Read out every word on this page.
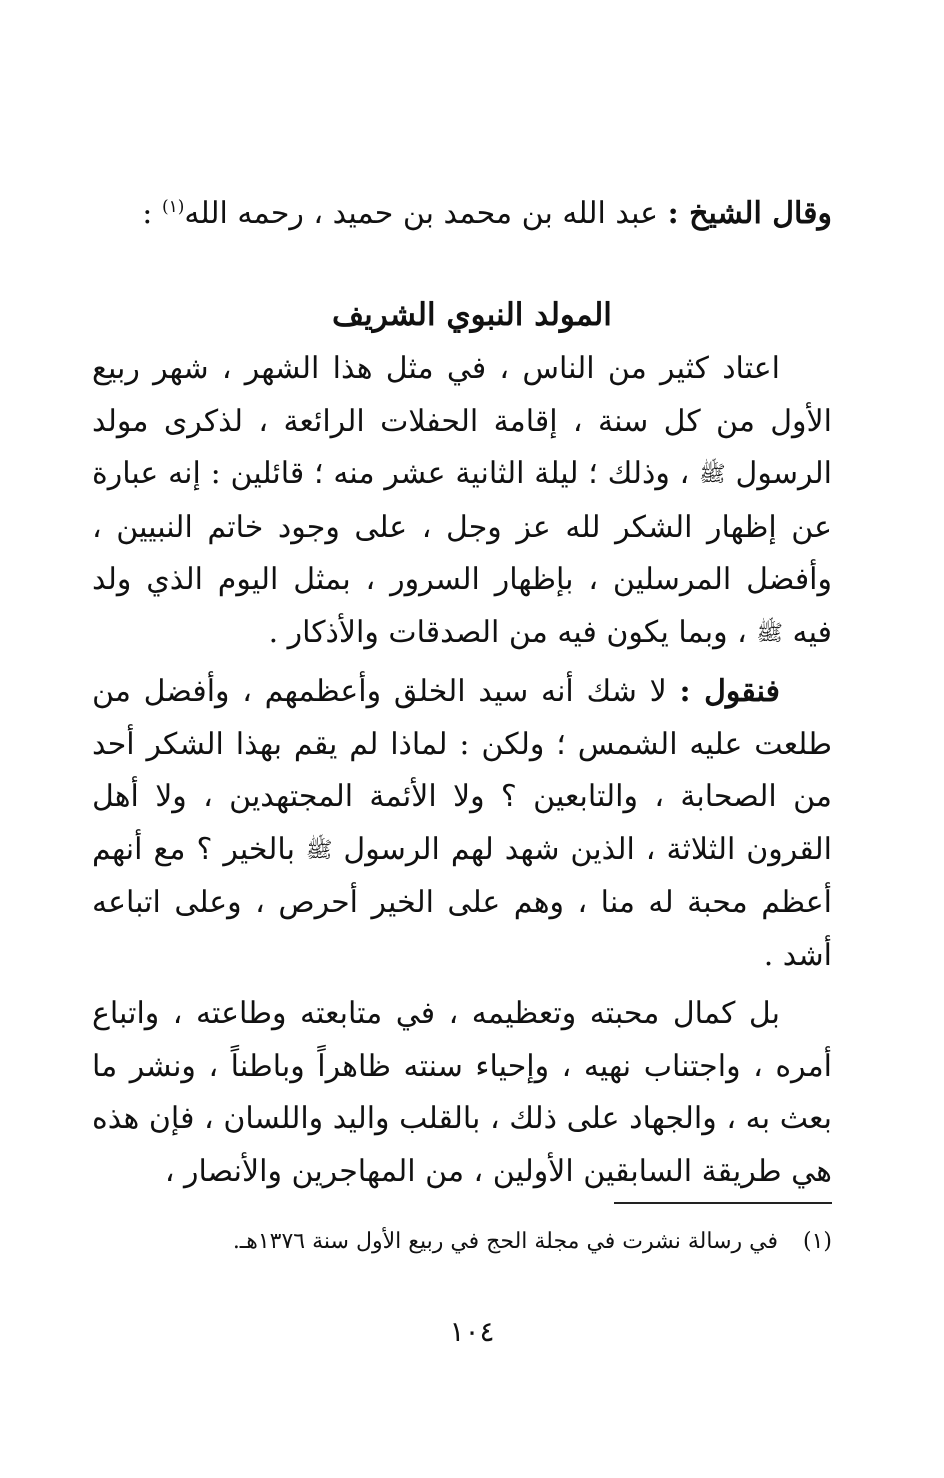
وقال الشيخ : عبد الله بن محمد بن حميد ، رحمه الله$^{(١)}$ :
المولد النبوي الشريف

اعتاد كثير من الناس ، في مثل هذا الشهر ، شهر ربيع الأول من كل سنة ، إقامة الحفلات الرائعة ، لذكرى مولد الرسول ﷺ ، وذلك ؛ ليلة الثانية عشر منه ؛ قائلين : إنه عبارة عن إظهار الشكر لله عز وجل ، على وجود خاتم النبيين ، وأفضل المرسلين ، بإظهار السرور ، بمثل اليوم الذي ولد فيه ﷺ ، وبما يكون فيه من الصدقات والأذكار .

فنقول : لا شك أنه سيد الخلق وأعظمهم ، وأفضل من طلعت عليه الشمس ؛ ولكن : لماذا لم يقم بهذا الشكر أحد من الصحابة ، والتابعين ؟ ولا الأئمة المجتهدين ، ولا أهل القرون الثلاثة ، الذين شهد لهم الرسول ﷺ بالخير ؟ مع أنهم أعظم محبة له منا ، وهم على الخير أحرص ، وعلى اتباعه أشد .

بل كمال محبته وتعظيمه ، في متابعته وطاعته ، واتباع أمره ، واجتناب نهيه ، وإحياء سنته ظاهراً وباطناً ، ونشر ما بعث به ، والجهاد على ذلك ، بالقلب واليد واللسان ، فإن هذه هي طريقة السابقين الأولين ، من المهاجرين والأنصار ،

(١)في رسالة نشرت في مجلة الحج في ربيع الأول سنة ١٣٧٦هـ.
١٠٤
